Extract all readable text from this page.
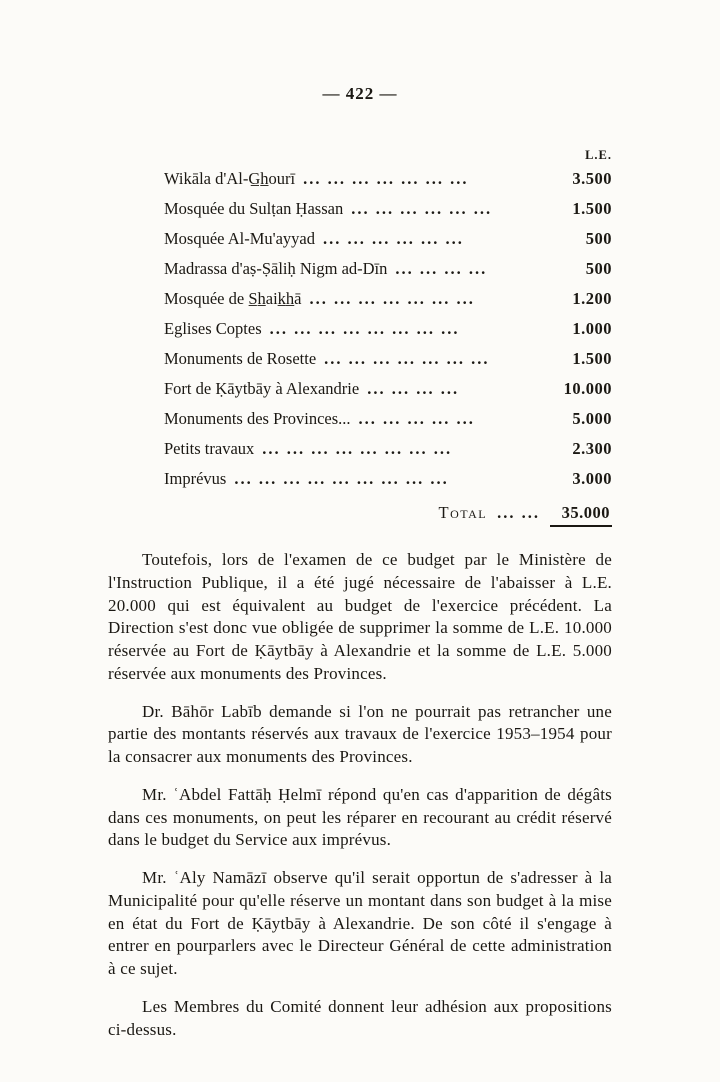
— 422 —
L.E.
Wikāla d'Al-G̲h̲ourī ... ... ... ... ... ... ...	3.500
Mosquée du Sulṭan Ḥassan ... ... ... ... ... ...	1.500
Mosquée Al-Mu'ayyad ... ... ... ... ... ...	500
Madrassa d'aṣ-Ṣāliḥ Nigm ad-Dīn ... ... ... ...	500
Mosquée de S̲h̲aik̲h̲ā ... ... ... ... ... ... ...	1.200
Eglises Coptes ... ... ... ... ... ... ... ...	1.000
Monuments de Rosette ... ... ... ... ... ... ...	1.500
Fort de Ḳāytbāy à Alexandrie ... ... ... ...	10.000
Monuments des Provinces... ... ... ... ... ...	5.000
Petits travaux ... ... ... ... ... ... ... ...	2.300
Imprévus ... ... ... ... ... ... ... ... ...	3.000
Total ... ...	35.000

Toutefois, lors de l'examen de ce budget par le Ministère de l'Instruction Publique, il a été jugé nécessaire de l'abaisser à L.E. 20.000 qui est équivalent au budget de l'exercice précédent. La Direction s'est donc vue obligée de supprimer la somme de L.E. 10.000 réservée au Fort de Ḳāytbāy à Alexandrie et la somme de L.E. 5.000 réservée aux monuments des Provinces.

Dr. Bāhōr Labīb demande si l'on ne pourrait pas retrancher une partie des montants réservés aux travaux de l'exercice 1953–1954 pour la consacrer aux monuments des Provinces.

Mr. ʿAbdel Fattāḥ Ḥelmī répond qu'en cas d'apparition de dégâts dans ces monuments, on peut les réparer en recourant au crédit réservé dans le budget du Service aux imprévus.

Mr. ʿAly Namāzī observe qu'il serait opportun de s'adresser à la Municipalité pour qu'elle réserve un montant dans son budget à la mise en état du Fort de Ḳāytbāy à Alexandrie. De son côté il s'engage à entrer en pourparlers avec le Directeur Général de cette administration à ce sujet.

Les Membres du Comité donnent leur adhésion aux propositions ci-dessus.
